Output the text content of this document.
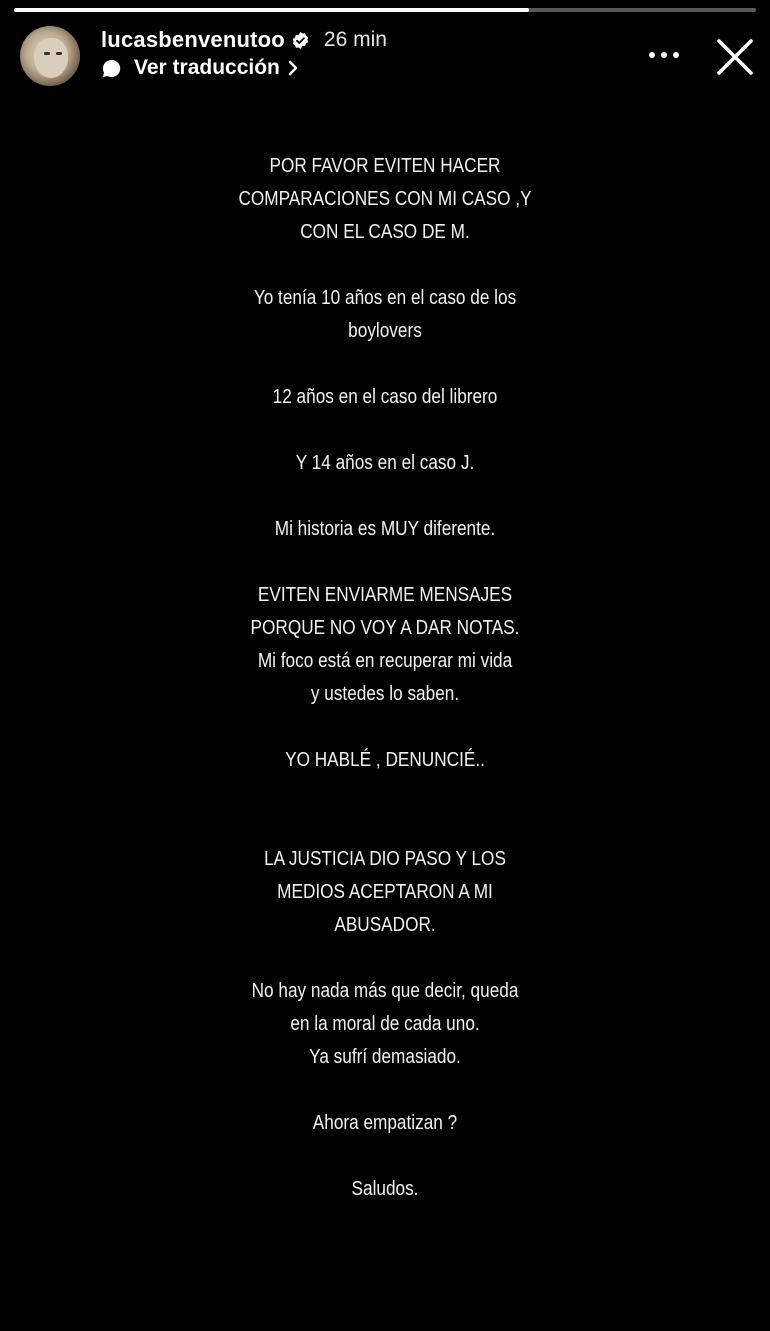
lucasbenvenutoo 26 min
Ver traducción

POR FAVOR EVITEN HACER
COMPARACIONES CON MI CASO ,Y
CON EL CASO DE M.

Yo tenía 10 años en el caso de los
boylovers

12 años en el caso del librero

Y 14 años en el caso J.

Mi historia es MUY diferente.

EVITEN ENVIARME MENSAJES
PORQUE NO VOY A DAR NOTAS.
Mi foco está en recuperar mi vida
y ustedes lo saben.

YO HABLÉ , DENUNCIÉ..

LA JUSTICIA DIO PASO Y LOS
MEDIOS ACEPTARON A MI
ABUSADOR.

No hay nada más que decir, queda
en la moral de cada uno.
Ya sufrí demasiado.

Ahora empatizan ?

Saludos.
